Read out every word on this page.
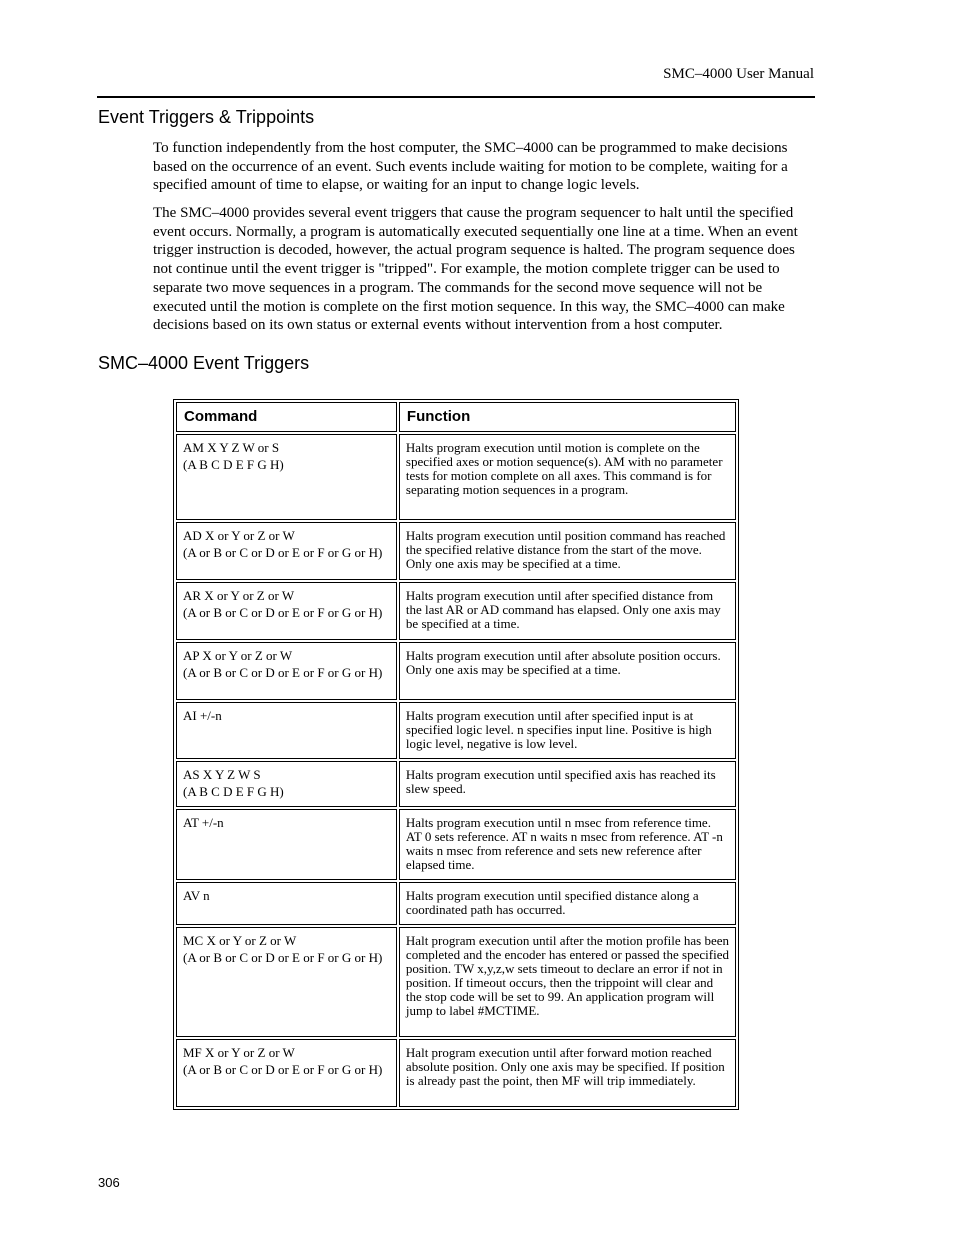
SMC–4000 User Manual
Event Triggers & Trippoints

To function independently from the host computer, the SMC–4000 can be programmed to make decisions based on the occurrence of an event. Such events include waiting for motion to be complete, waiting for a specified amount of time to elapse, or waiting for an input to change logic levels.

The SMC–4000 provides several event triggers that cause the program sequencer to halt until the specified event occurs. Normally, a program is automatically executed sequentially one line at a time. When an event trigger instruction is decoded, however, the actual program sequence is halted. The program sequence does not continue until the event trigger is "tripped". For example, the motion complete trigger can be used to separate two move sequences in a program. The commands for the second move sequence will not be executed until the motion is complete on the first motion sequence. In this way, the SMC–4000 can make decisions based on its own status or external events without intervention from a host computer.

SMC–4000 Event Triggers
Command	Function

AM X Y Z W or S
(A B C D E F G H)	Halts program execution until motion is complete on the specified axes or motion sequence(s). AM with no parameter tests for motion complete on all axes. This command is for separating motion sequences in a program.

AD X or Y or Z or W
(A or B or C or D or E or F or G or H)	Halts program execution until position command has reached the specified relative distance from the start of the move. Only one axis may be specified at a time.

AR X or Y or Z or W
(A or B or C or D or E or F or G or H)	Halts program execution until after specified distance from the last AR or AD command has elapsed. Only one axis may be specified at a time.

AP X or Y or Z or W
(A or B or C or D or E or F or G or H)	Halts program execution until after absolute position occurs. Only one axis may be specified at a time.

AI +/-n	Halts program execution until after specified input is at specified logic level. n specifies input line. Positive is high logic level, negative is low level.

AS X Y Z W S
(A B C D E F G H)	Halts program execution until specified axis has reached its slew speed.

AT +/-n	Halts program execution until n msec from reference time. AT 0 sets reference. AT n waits n msec from reference. AT -n waits n msec from reference and sets new reference after elapsed time.

AV n	Halts program execution until specified distance along a coordinated path has occurred.

MC X or Y or Z or W
(A or B or C or D or E or F or G or H)	Halt program execution until after the motion profile has been completed and the encoder has entered or passed the specified position. TW x,y,z,w sets timeout to declare an error if not in position. If timeout occurs, then the trippoint will clear and the stop code will be set to 99. An application program will jump to label #MCTIME.

MF X or Y or Z or W
(A or B or C or D or E or F or G or H)	Halt program execution until after forward motion reached absolute position. Only one axis may be specified. If position is already past the point, then MF will trip immediately.
306
